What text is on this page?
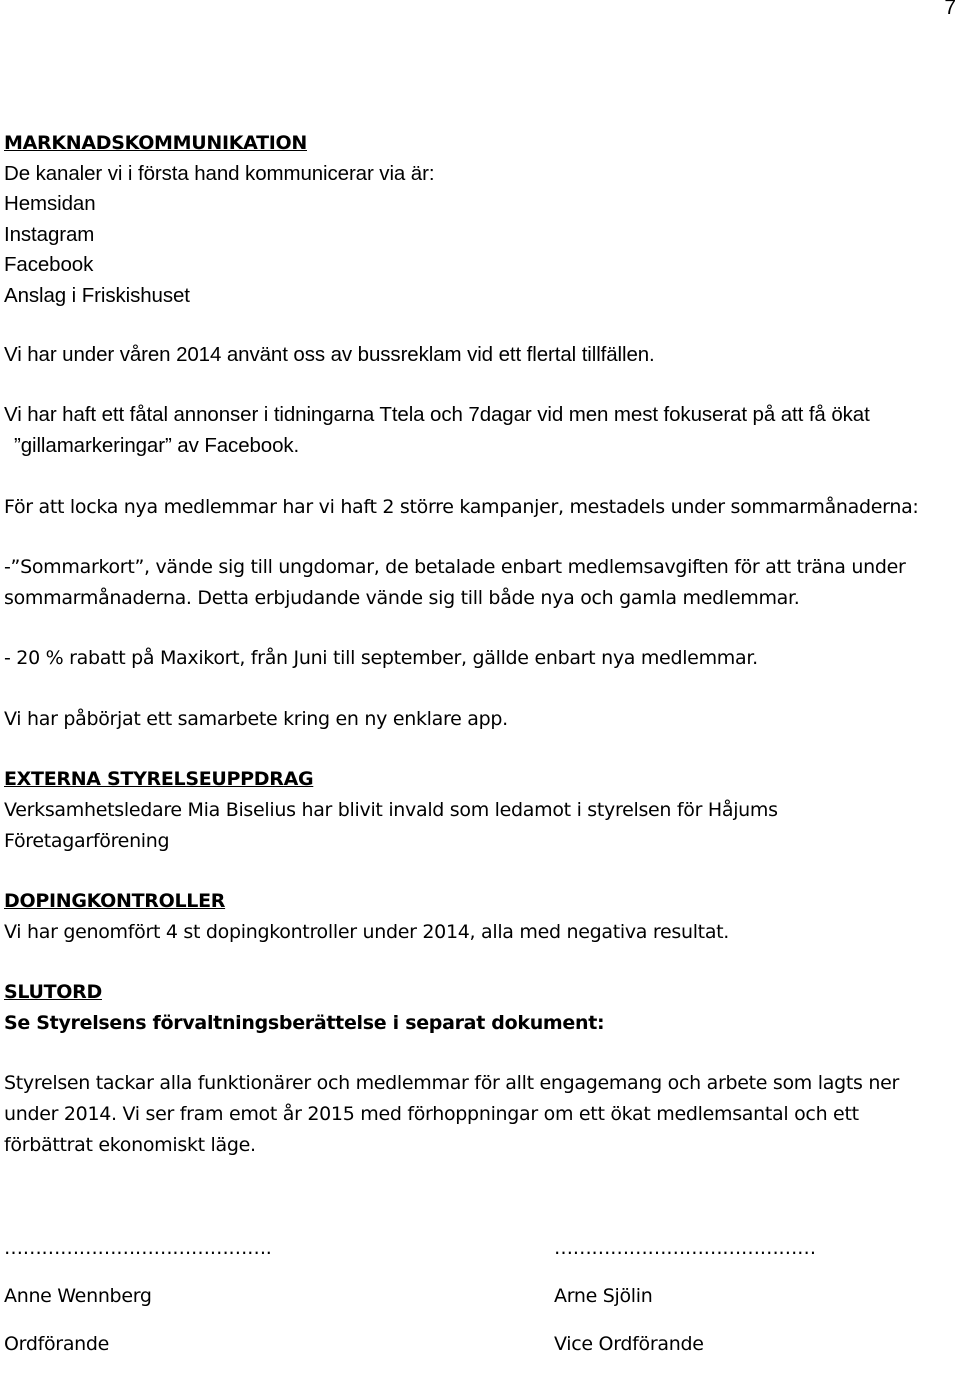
7

MARKNADSKOMMUNIKATION

De kanaler vi i första hand kommunicerar via är:

Hemsidan

Instagram

Facebook

Anslag i Friskishuset

Vi har under våren 2014 använt oss av bussreklam vid ett flertal tillfällen.

Vi har haft ett fåtal annonser i tidningarna Ttela och 7dagar vid men mest fokuserat på att få ökat

”gillamarkeringar” av Facebook.

För att locka nya medlemmar har vi haft 2 större kampanjer, mestadels under sommarmånaderna:

-”Sommarkort”, vände sig till ungdomar, de betalade enbart medlemsavgiften för att träna under

sommarmånaderna. Detta erbjudande vände sig till både nya och gamla medlemmar.

- 20 % rabatt på Maxikort, från Juni till september, gällde enbart nya medlemmar.

Vi har påbörjat ett samarbete kring en ny enklare app.

EXTERNA STYRELSEUPPDRAG

Verksamhetsledare Mia Biselius har blivit invald som ledamot i styrelsen för Håjums

Företagarförening

DOPINGKONTROLLER

Vi har genomfört 4 st dopingkontroller under 2014, alla med negativa resultat.

SLUTORD

Se Styrelsens förvaltningsberättelse i separat dokument:

Styrelsen tackar alla funktionärer och medlemmar för allt engagemang och arbete som lagts ner

under 2014. Vi ser fram emot år 2015 med förhoppningar om ett ökat medlemsantal och ett

förbättrat ekonomiskt läge.

…………………………………….
Anne Wennberg
Ordförande
……………………………………
Arne Sjölin
Vice Ordförande
